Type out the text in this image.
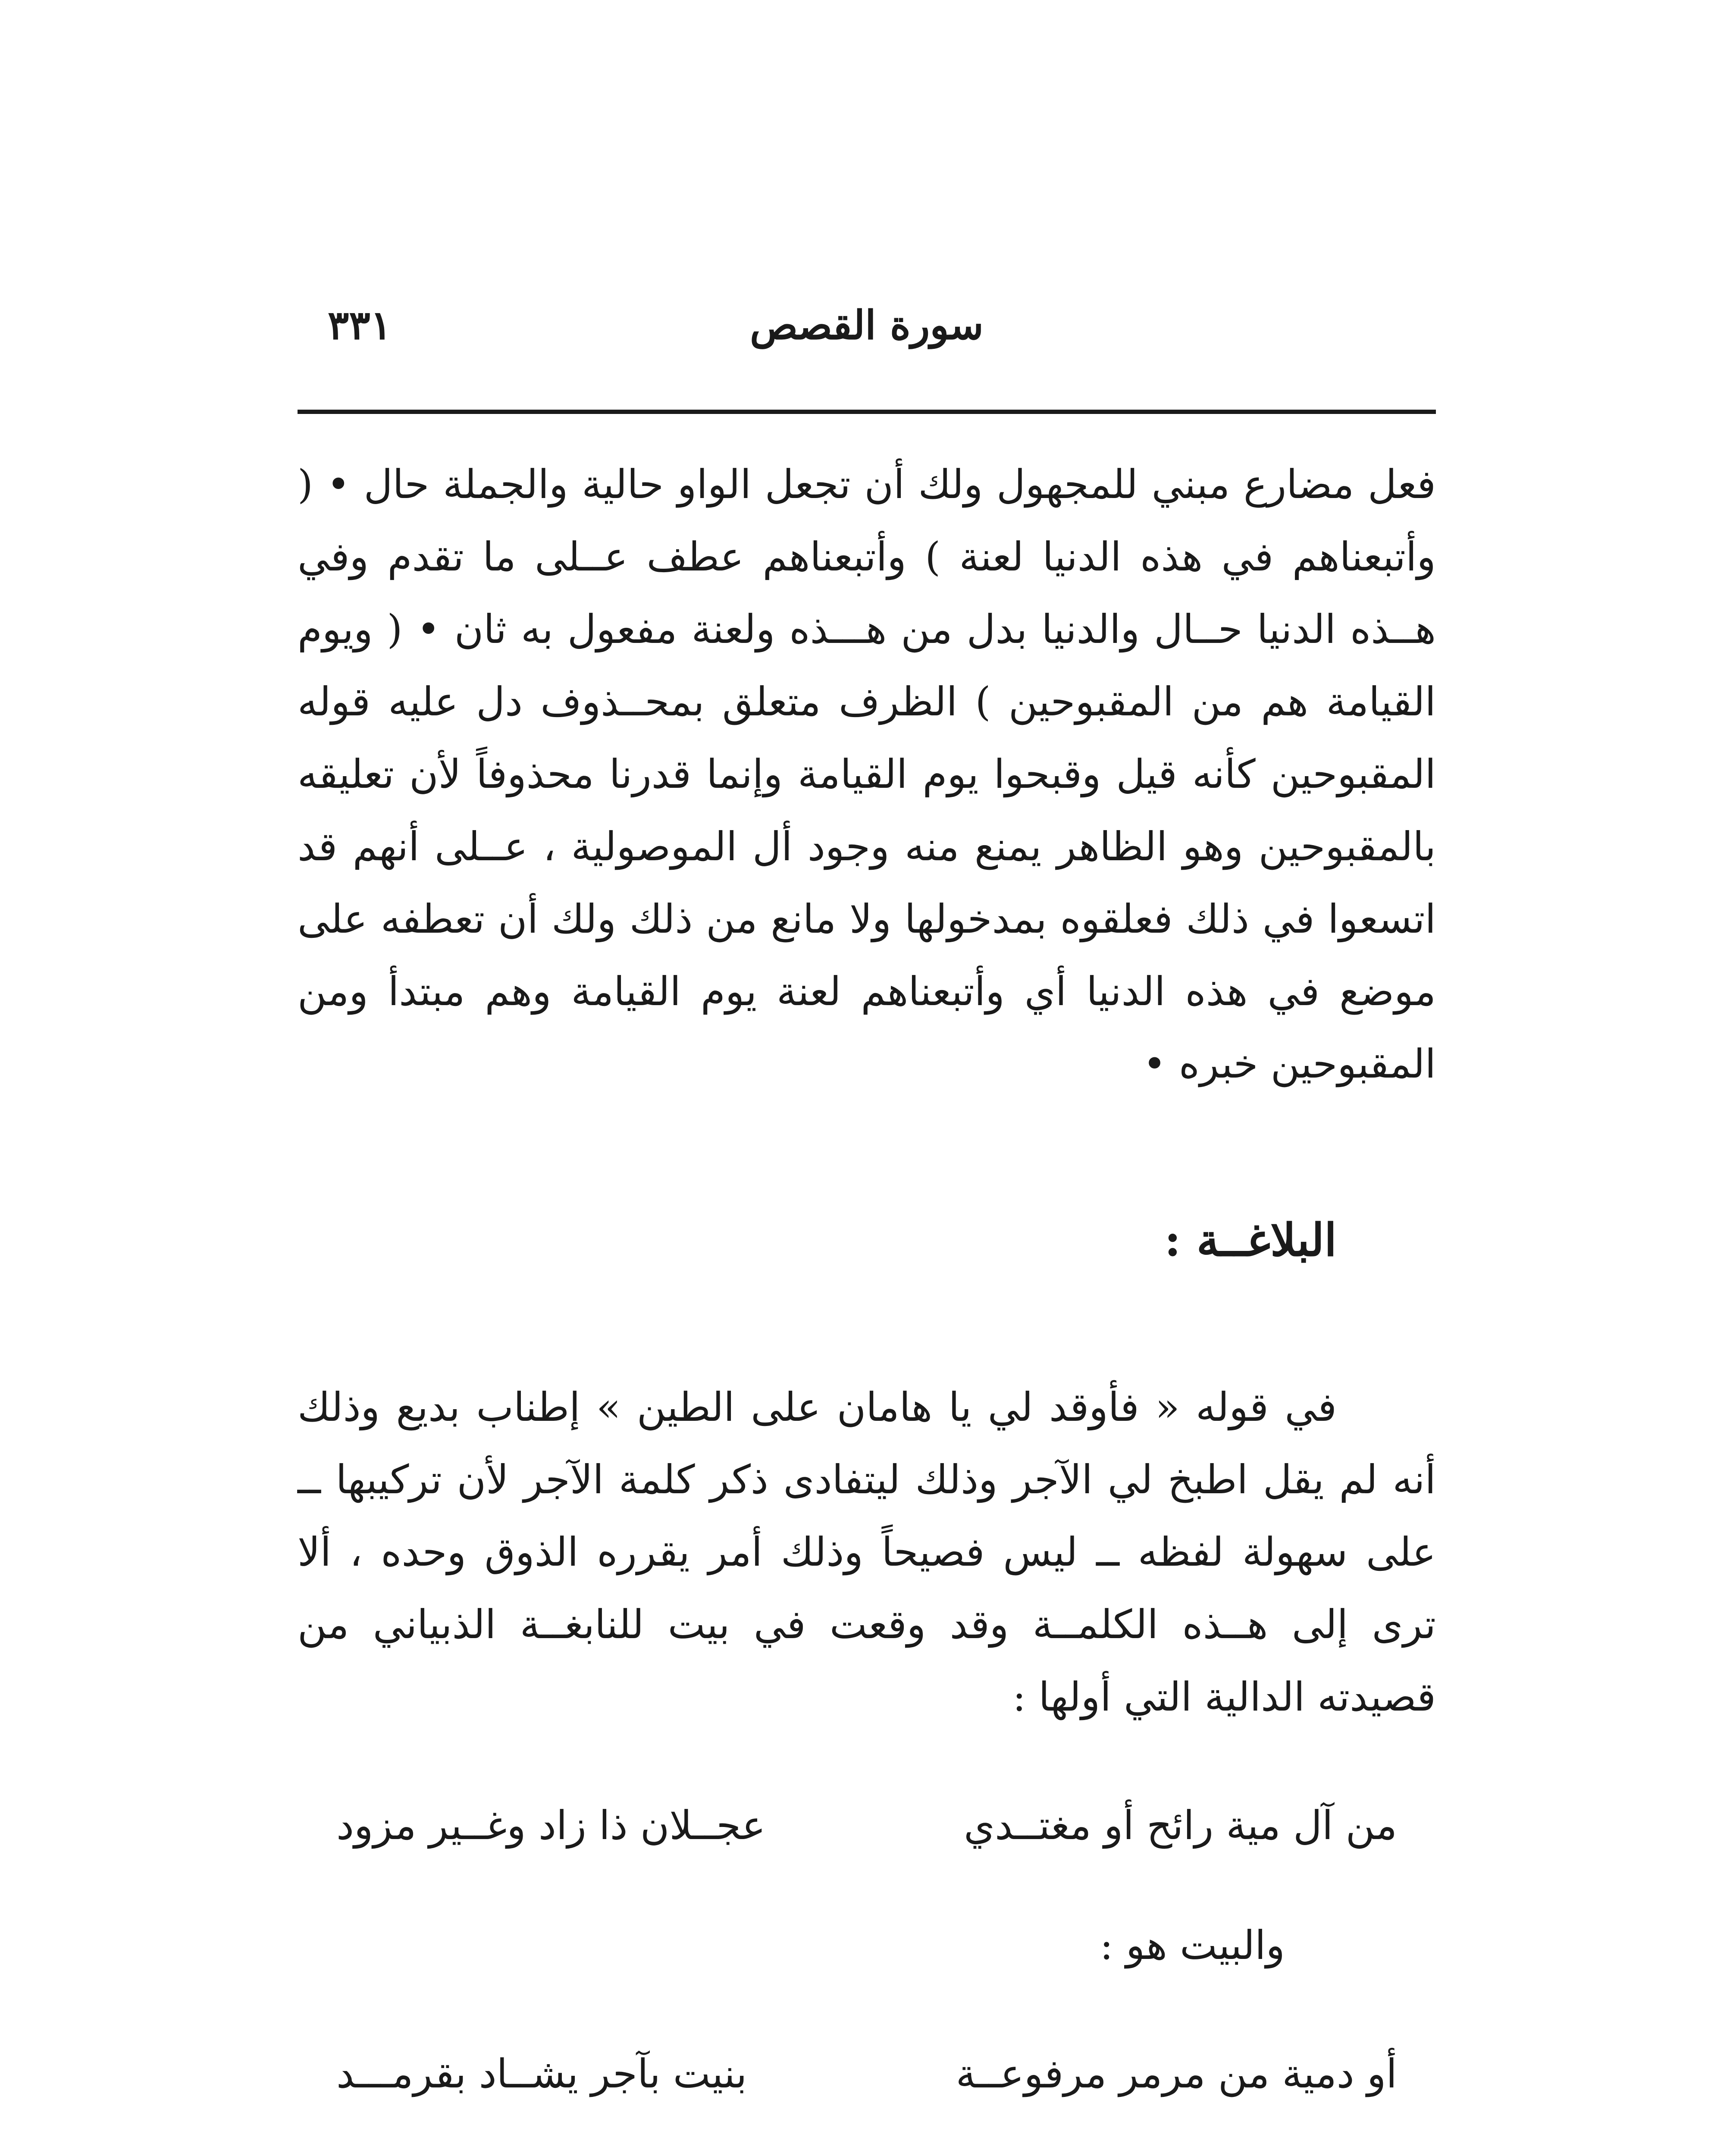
٣٣١	سورة القصص

فعل مضارع مبني للمجهول ولك أن تجعل الواو حالية والجملة حال • ( وأتبعناهم في هذه الدنيا لعنة ) وأتبعناهم عطف عــلى ما تقدم وفي هــذه الدنيا حــال والدنيا بدل من هـــذه ولعنة مفعول به ثان • ( ويوم القيامة هم من المقبوحين ) الظرف متعلق بمحــذوف دل عليه قوله المقبوحين كأنه قيل وقبحوا يوم القيامة وإنما قدرنا محذوفاً لأن تعليقه بالمقبوحين وهو الظاهر يمنع منه وجود أل الموصولية ، عــلى أنهم قد اتسعوا في ذلك فعلقوه بمدخولها ولا مانع من ذلك ولك أن تعطفه على موضع في هذه الدنيا أي وأتبعناهم لعنة يوم القيامة وهم مبتدأ ومن المقبوحين خبره •

البلاغــة :

في قوله « فأوقد لي يا هامان على الطين » إطناب بديع وذلك أنه لم يقل اطبخ لي الآجر وذلك ليتفادى ذكر كلمة الآجر لأن تركيبها ــ على سهولة لفظه ــ ليس فصيحاً وذلك أمر يقرره الذوق وحده ، ألا ترى إلى هــذه الكلمــة وقد وقعت في بيت للنابغــة الذبياني من قصيدته الدالية التي أولها :

من آل مية رائح أو مغتــدي
عجــلان ذا زاد وغــير مزود

والبيت هو :

أو دمية من مرمر مرفوعــة
بنيت بآجر يشــاد بقرمـــد
